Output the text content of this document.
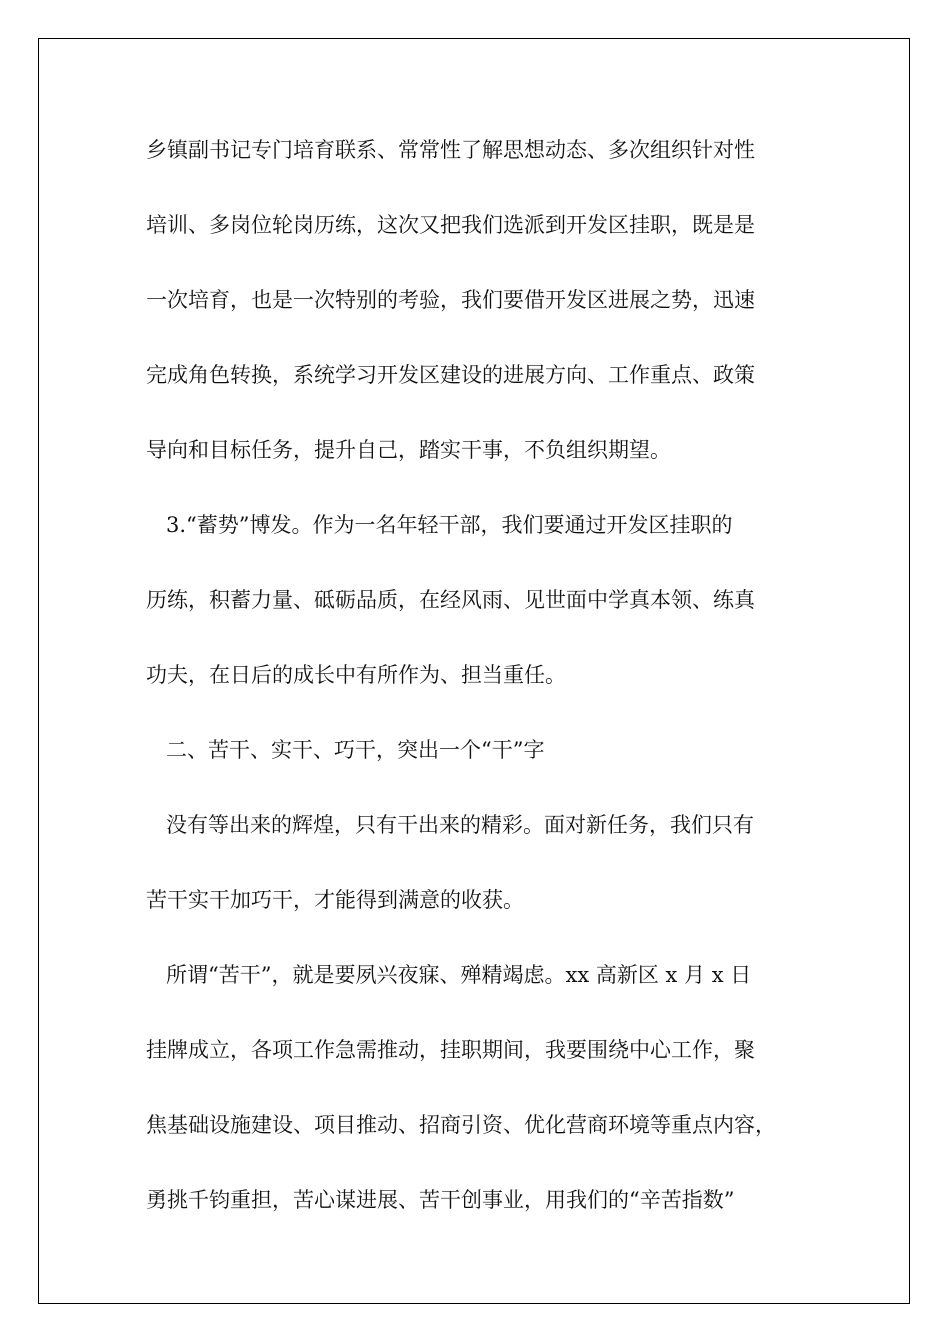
乡镇副书记专门培育联系、常常性了解思想动态、多次组织针对性

培训、多岗位轮岗历练，这次又把我们选派到开发区挂职，既是是

一次培育，也是一次特别的考验，我们要借开发区进展之势，迅速

完成角色转换，系统学习开发区建设的进展方向、工作重点、政策

导向和目标任务，提升自己，踏实干事，不负组织期望。

3.“蓄势”博发。作为一名年轻干部，我们要通过开发区挂职的

历练，积蓄力量、砥砺品质，在经风雨、见世面中学真本领、练真

功夫，在日后的成长中有所作为、担当重任。

二、苦干、实干、巧干，突出一个“干”字

没有等出来的辉煌，只有干出来的精彩。面对新任务，我们只有

苦干实干加巧干，才能得到满意的收获。

所谓“苦干”，就是要夙兴夜寐、殚精竭虑。xx 高新区 x 月 x 日

挂牌成立，各项工作急需推动，挂职期间，我要围绕中心工作，聚

焦基础设施建设、项目推动、招商引资、优化营商环境等重点内容，

勇挑千钧重担，苦心谋进展、苦干创事业，用我们的“辛苦指数”
